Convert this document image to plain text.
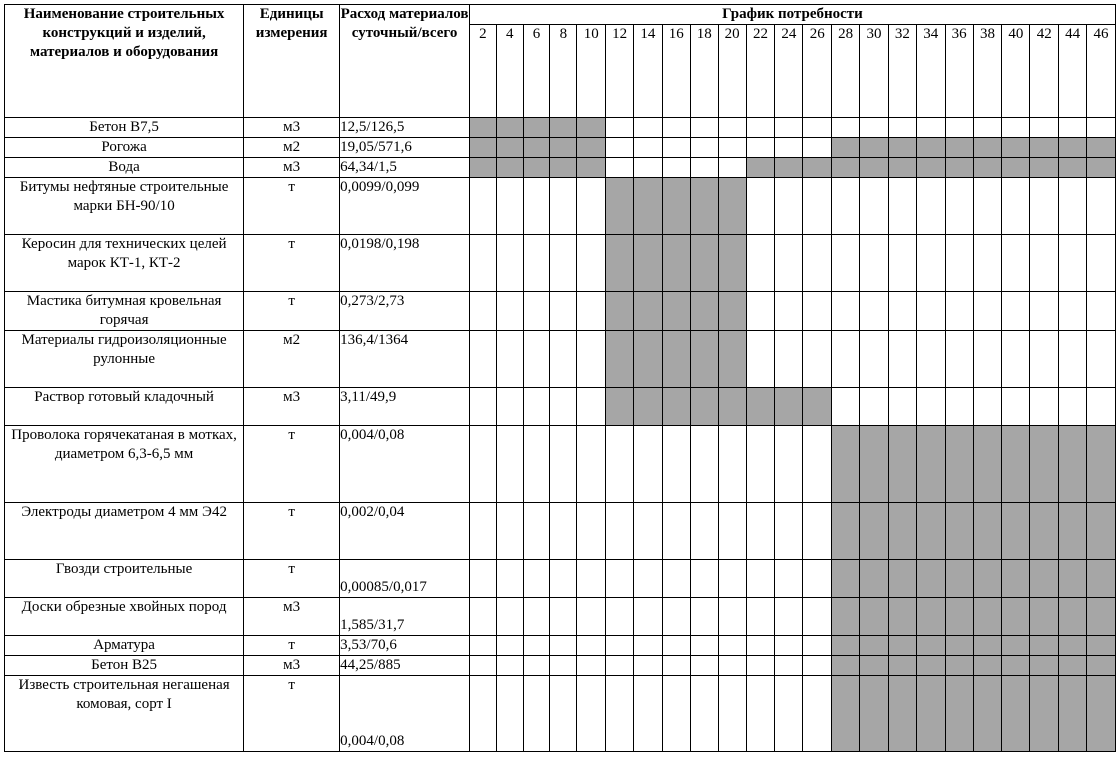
Наименование строительных конструкций и изделий, материалов и оборудования	Единицы измерения	Расход материалов суточный/всего	График потребности																						
			2	4	6	8	10	12	14	16	18	20	22	24	26	28	30	32	34	36	38	40	42	44	46
Бетон В7,5	м3	12,5/126,5																							
Рогожа	м2	19,05/571,6																							
Вода	м3	64,34/1,5																							
Битумы нефтяные строительные марки БН-90/10	т	0,0099/0,099																							
Керосин для технических целей марок КТ-1, КТ-2	т	0,0198/0,198																							
Мастика битумная кровельная горячая	т	0,273/2,73																							
Материалы гидроизоляционные рулонные	м2	136,4/1364																							
Раствор готовый кладочный	м3	3,11/49,9																							
Проволока горячекатаная в мотках, диаметром 6,3-6,5 мм	т	0,004/0,08																							
Электроды диаметром 4 мм Э42	т	0,002/0,04																							
Гвозди строительные	т	0,00085/0,017																							
Доски обрезные хвойных пород	м3	1,585/31,7																							
Арматура	т	3,53/70,6																							
Бетон В25	м3	44,25/885																							
Известь строительная негашеная комовая, сорт I	т	0,004/0,08																							
